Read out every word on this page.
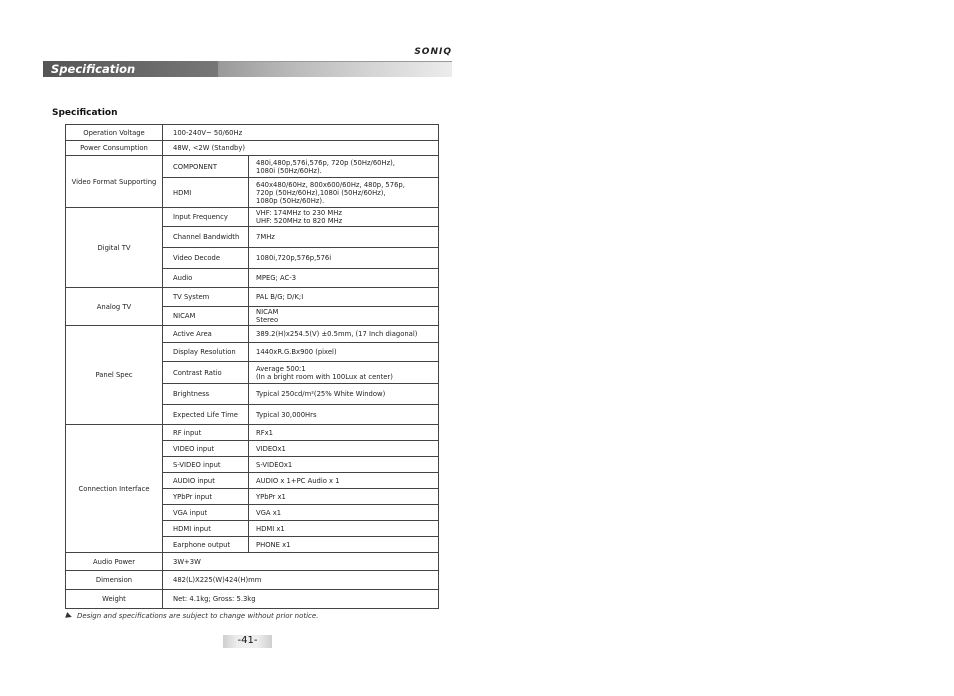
SONIQ
Specification
Specification
Operation Voltage	100-240V~ 50/60Hz	
Power Consumption	48W, <2W (Standby)	
Video Format Supporting	COMPONENT	480i,480p,576i,576p, 720p (50Hz/60Hz),
1080i (50Hz/60Hz).

	HDMI	640x480/60Hz, 800x600/60Hz, 480p, 576p,
720p (50Hz/60Hz),1080i (50Hz/60Hz),
1080p (50Hz/60Hz).

Digital TV	Input Frequency	VHF: 174MHz to 230 MHz
UHF: 520MHz to 820 MHz

	Channel Bandwidth	7MHz
	Video Decode	1080i,720p,576p,576i
	Audio	MPEG; AC-3
Analog TV	TV System	PAL B/G; D/K;I
	NICAM	NICAM
Stereo

Panel Spec	Active Area	389.2(H)x254.5(V) ±0.5mm, (17 Inch diagonal)
	Display Resolution	1440xR.G.Bx900 (pixel)
	Contrast Ratio	Average 500:1
(In a bright room with 100Lux at center)

	Brightness	Typical 250cd/m²(25% White Window)
	Expected Life Time	Typical 30,000Hrs
Connection Interface	RF input	RFx1
	VIDEO input	VIDEOx1
	S-VIDEO input	S-VIDEOx1
	AUDIO input	AUDIO x 1+PC Audio x 1
	YPbPr input	YPbPr x1
	VGA input	VGA x1
	HDMI input	HDMI x1
	Earphone output	PHONE x1
Audio Power	3W+3W	
Dimension	482(L)X225(W)424(H)mm	
Weight	Net: 4.1kg; Gross: 5.3kg	
Design and specifications are subject to change without prior notice.
-41-
